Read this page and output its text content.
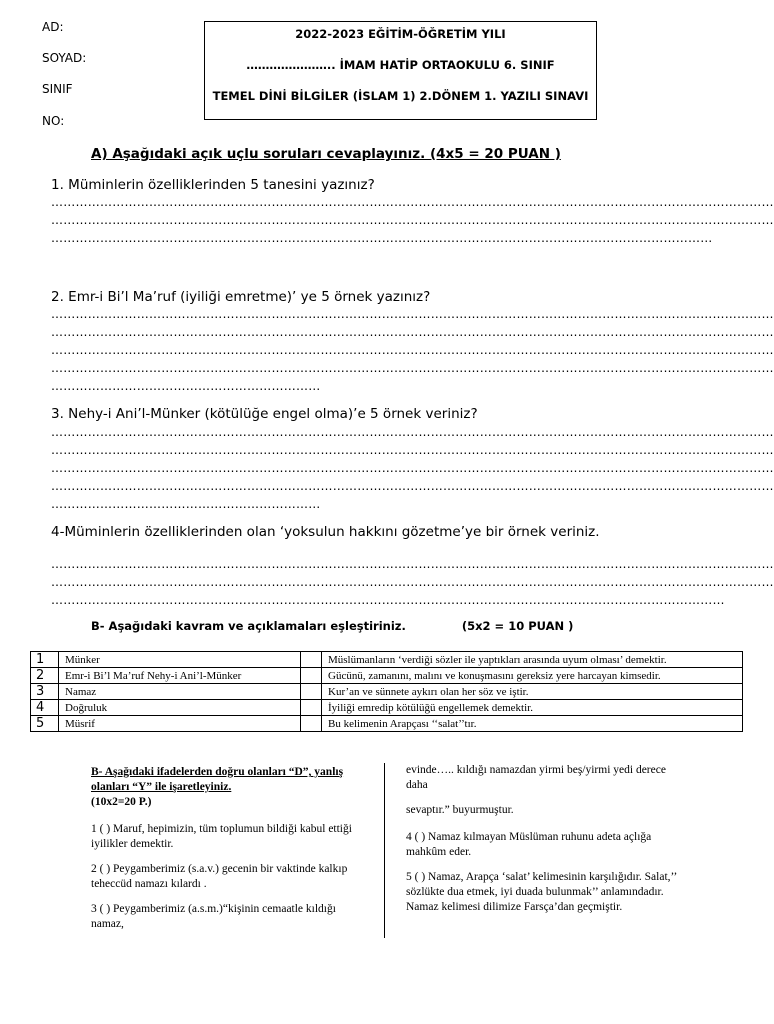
AD:
SOYAD:
SINIF
NO:
2022-2023 EĞİTİM-ÖĞRETİM YILI
………………….. İMAM HATİP ORTAOKULU 6. SINIF
TEMEL DİNİ BİLGİLER (İSLAM 1) 2.DÖNEM 1. YAZILI SINAVI
A) Aşağıdaki açık uçlu soruları cevaplayınız. (4x5 = 20 PUAN )
1. Müminlerin özelliklerinden 5 tanesini yazınız?
……………………………………………………………………………………………………………………………………………………………
……………………………………………………………………………………………………………………………………………………………
………………………………………………………………………………………………………………………………………………
2. Emr-i Bi’l Ma’ruf (iyiliği emretme)’ ye 5 örnek yazınız?
……………………………………………………………………………………………………………………………………………………………
……………………………………………………………………………………………………………………………………………………………
……………………………………………………………………………………………………………………………………………………………
……………………………………………………………………………………………………………………………………………………………
…………………………………………………………
3. Nehy-i Ani’l-Münker (kötülüğe engel olma)’e 5 örnek veriniz?
……………………………………………………………………………………………………………………………………………………………
……………………………………………………………………………………………………………………………………………………………
……………………………………………………………………………………………………………………………………………………………
……………………………………………………………………………………………………………………………………………………………
…………………………………………………………
4-Müminlerin özelliklerinden olan ‘yoksulun hakkını gözetme’ye bir örnek veriniz.
……………………………………………………………………………………………………………………………………………………………
……………………………………………………………………………………………………………………………………………………………
…………………………………………………………………………………………………………………………………………………
B- Aşağıdaki kavram ve açıklamaları eşleştiriniz.	(5x2 = 10 PUAN )
1	Münker		Müslümanların ‘verdiği sözler ile yaptıkları arasında uyum olması’ demektir.
2	Emr-i Bi’l Ma’ruf Nehy-i Ani’l-Münker		Gücünü, zamanını, malını ve konuşmasını gereksiz yere harcayan kimsedir.
3	Namaz		Kur’an ve sünnete aykırı olan her söz ve iştir.
4	Doğruluk		İyiliği emredip kötülüğü engellemek demektir.
5	Müsrif		Bu kelimenin Arapçası ‘‘salat’’tır.

B- Aşağıdaki ifadelerden doğru olanları “D”, yanlış

olanları “Y” ile işaretleyiniz.

(10x2=20 P.)

1 ( ) Maruf, hepimizin, tüm toplumun bildiği kabul ettiği iyilikler demektir.

2 ( ) Peygamberimiz (s.a.v.) gecenin bir vaktinde kalkıp teheccüd namazı kılardı .

3 ( ) Peygamberimiz (a.s.m.)“kişinin cemaatle kıldığı namaz,

evinde….. kıldığı namazdan yirmi beş/yirmi yedi derece daha

sevaptır.” buyurmuştur.

4 ( ) Namaz kılmayan Müslüman ruhunu adeta açlığa mahkûm eder.

5 ( ) Namaz, Arapça ‘salat’ kelimesinin karşılığıdır. Salat,’’ sözlükte dua etmek, iyi duada bulunmak’’ anlamındadır. Namaz kelimesi dilimize Farsça’dan geçmiştir.
